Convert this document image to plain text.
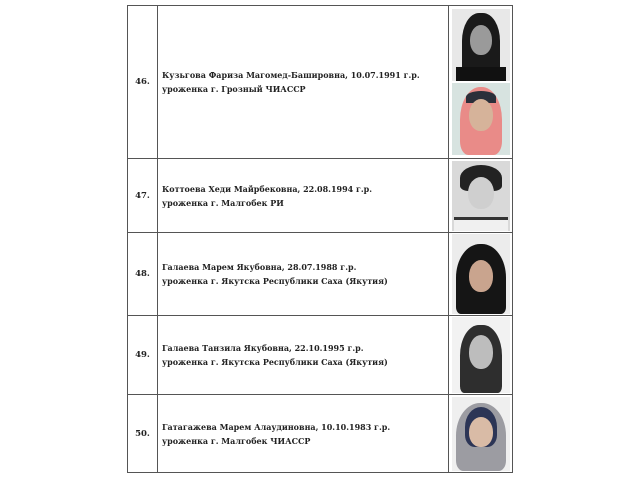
46.
Кузьгова Фариза Магомед-Башировна, 10.07.1991 г.р.
уроженка г. Грозный ЧИАССР
47.
Коттоева Хеди Майрбековна, 22.08.1994 г.р.
уроженка г. Малгобек РИ
48.
Галаева Марем Якубовна, 28.07.1988 г.р.
уроженка г. Якутска Республики Саха (Якутия)
49.
Галаева Танзила Якубовна, 22.10.1995 г.р.
уроженка г. Якутска Республики Саха (Якутия)
50.
Гатагажева Марем Алаудиновна, 10.10.1983 г.р.
уроженка г. Малгобек ЧИАССР
